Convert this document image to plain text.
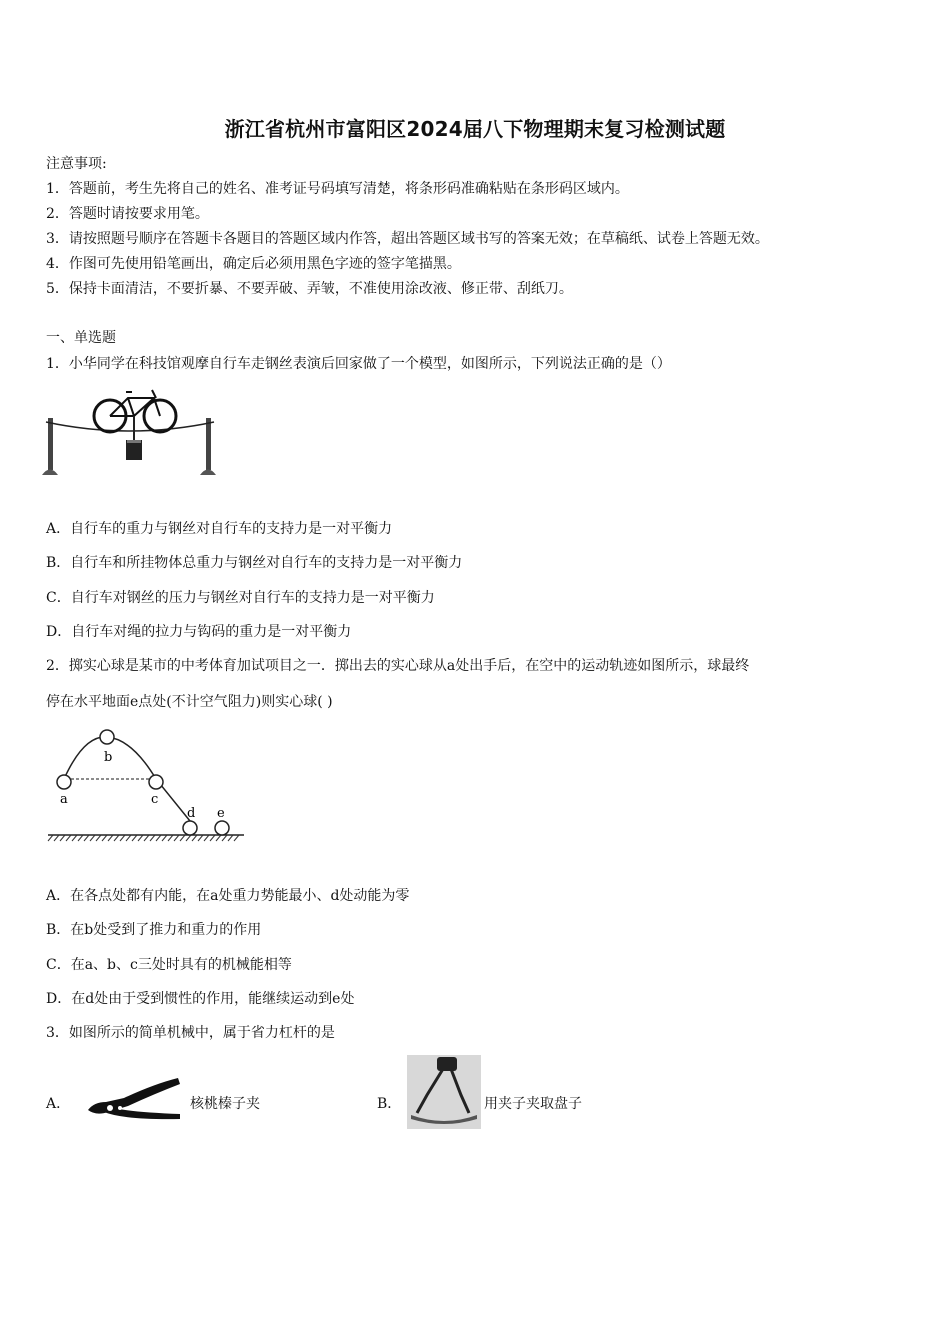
浙江省杭州市富阳区2024届八下物理期末复习检测试题
注意事项:
1．答题前，考生先将自己的姓名、准考证号码填写清楚，将条形码准确粘贴在条形码区域内。
2．答题时请按要求用笔。
3．请按照题号顺序在答题卡各题目的答题区域内作答，超出答题区域书写的答案无效；在草稿纸、试卷上答题无效。
4．作图可先使用铅笔画出，确定后必须用黑色字迹的签字笔描黑。
5．保持卡面清洁，不要折暴、不要弄破、弄皱，不准使用涂改液、修正带、刮纸刀。
一、单选题
1．小华同学在科技馆观摩自行车走钢丝表演后回家做了一个模型，如图所示，下列说法正确的是（）
A．自行车的重力与钢丝对自行车的支持力是一对平衡力
B．自行车和所挂物体总重力与钢丝对自行车的支持力是一对平衡力
C．自行车对钢丝的压力与钢丝对自行车的支持力是一对平衡力
D．自行车对绳的拉力与钩码的重力是一对平衡力
2．掷实心球是某市的中考体育加试项目之一．掷出去的实心球从a处出手后，在空中的运动轨迹如图所示，球最终
停在水平地面e点处(不计空气阻力)则实心球( )
a
b
c
d e
A．在各点处都有内能，在a处重力势能最小、d处动能为零
B．在b处受到了推力和重力的作用
C．在a、b、c三处时具有的机械能相等
D．在d处由于受到惯性的作用，能继续运动到e处
3．如图所示的简单机械中，属于省力杠杆的是
A．	核桃榛子夹	B．	用夹子夹取盘子
